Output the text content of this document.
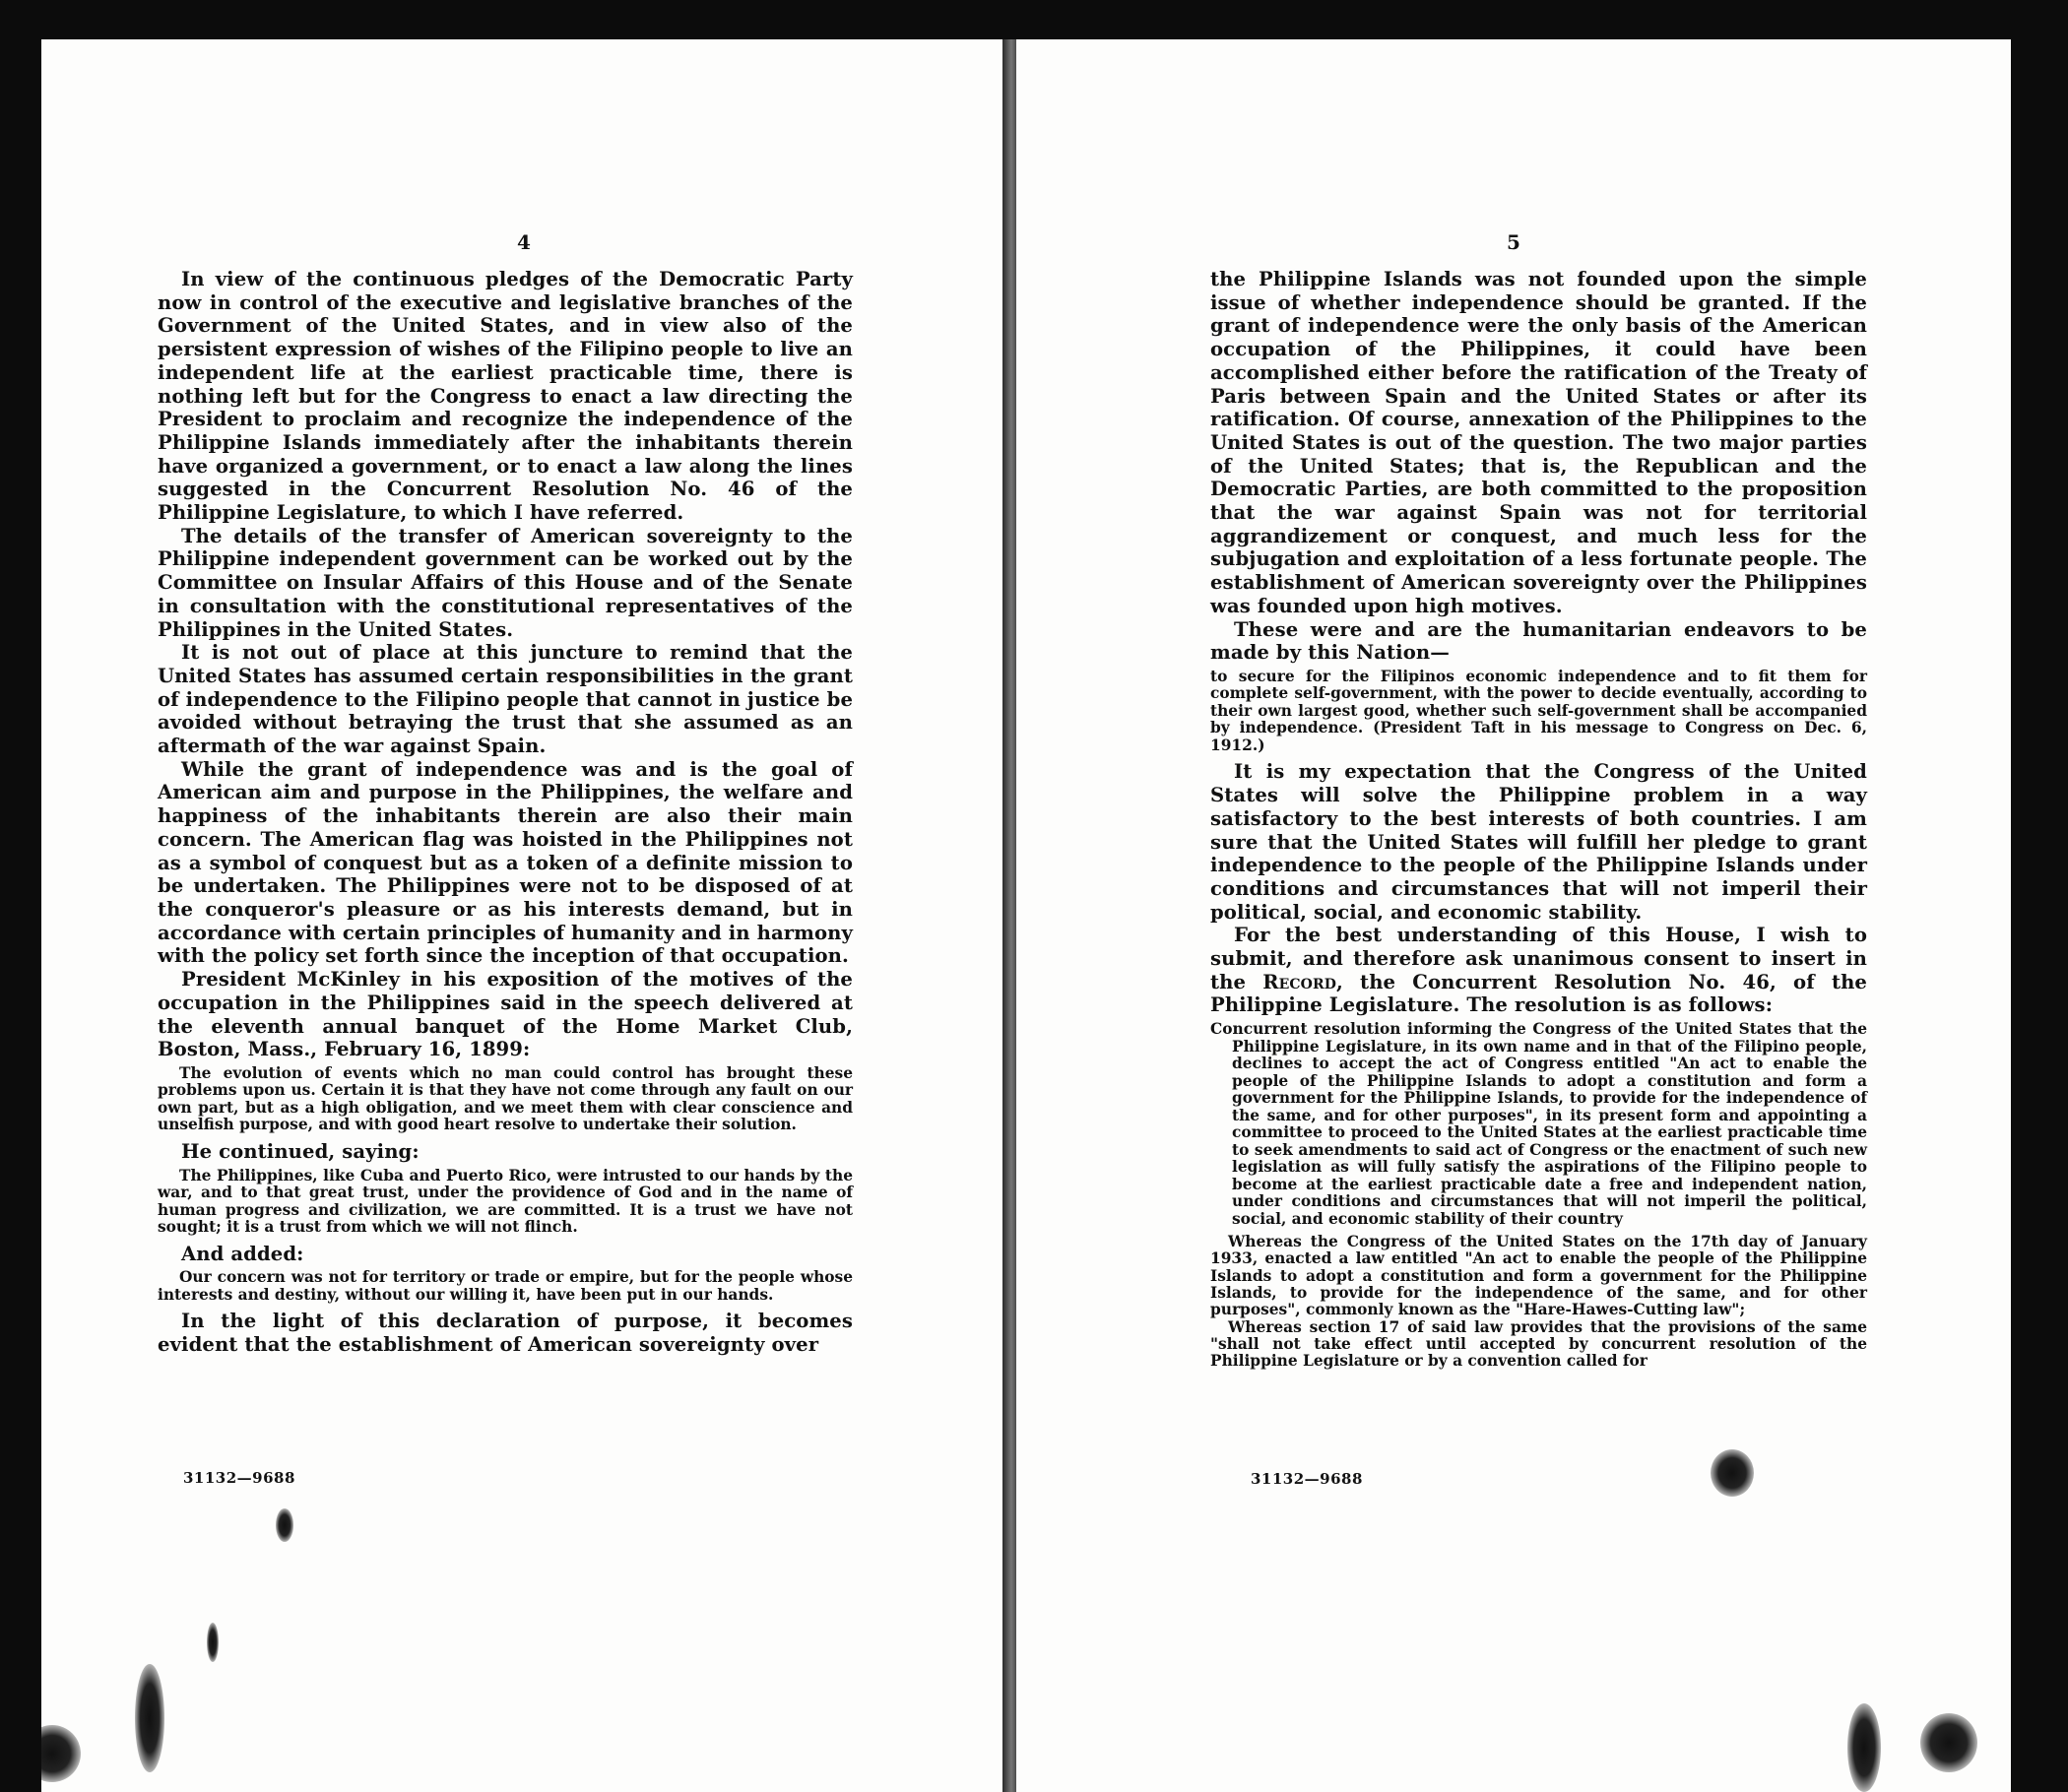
4

In view of the continuous pledges of the Democratic Party now in control of the executive and legislative branches of the Government of the United States, and in view also of the persistent expression of wishes of the Filipino people to live an independent life at the earliest practicable time, there is nothing left but for the Congress to enact a law directing the President to proclaim and recognize the independence of the Philippine Islands immediately after the inhabitants therein have organized a government, or to enact a law along the lines suggested in the Concurrent Resolution No. 46 of the Philippine Legislature, to which I have referred.

The details of the transfer of American sovereignty to the Philippine independent government can be worked out by the Committee on Insular Affairs of this House and of the Senate in consultation with the constitutional representatives of the Philippines in the United States.

It is not out of place at this juncture to remind that the United States has assumed certain responsibilities in the grant of independence to the Filipino people that cannot in justice be avoided without betraying the trust that she assumed as an aftermath of the war against Spain.

While the grant of independence was and is the goal of American aim and purpose in the Philippines, the welfare and happiness of the inhabitants therein are also their main concern. The American flag was hoisted in the Philippines not as a symbol of conquest but as a token of a definite mission to be undertaken. The Philippines were not to be disposed of at the conqueror's pleasure or as his interests demand, but in accordance with certain principles of humanity and in harmony with the policy set forth since the inception of that occupation.

President McKinley in his exposition of the motives of the occupation in the Philippines said in the speech delivered at the eleventh annual banquet of the Home Market Club, Boston, Mass., February 16, 1899:

The evolution of events which no man could control has brought these problems upon us. Certain it is that they have not come through any fault on our own part, but as a high obligation, and we meet them with clear conscience and unselfish purpose, and with good heart resolve to undertake their solution.

He continued, saying:

The Philippines, like Cuba and Puerto Rico, were intrusted to our hands by the war, and to that great trust, under the providence of God and in the name of human progress and civilization, we are committed. It is a trust we have not sought; it is a trust from which we will not flinch.

And added:

Our concern was not for territory or trade or empire, but for the people whose interests and destiny, without our willing it, have been put in our hands.

In the light of this declaration of purpose, it becomes evident that the establishment of American sovereignty over

31132—9688
5

the Philippine Islands was not founded upon the simple issue of whether independence should be granted. If the grant of independence were the only basis of the American occupation of the Philippines, it could have been accomplished either before the ratification of the Treaty of Paris between Spain and the United States or after its ratification. Of course, annexation of the Philippines to the United States is out of the question. The two major parties of the United States; that is, the Republican and the Democratic Parties, are both committed to the proposition that the war against Spain was not for territorial aggrandizement or conquest, and much less for the subjugation and exploitation of a less fortunate people. The establishment of American sovereignty over the Philippines was founded upon high motives.

These were and are the humanitarian endeavors to be made by this Nation—

to secure for the Filipinos economic independence and to fit them for complete self-government, with the power to decide eventually, according to their own largest good, whether such self-government shall be accompanied by independence. (President Taft in his message to Congress on Dec. 6, 1912.)

It is my expectation that the Congress of the United States will solve the Philippine problem in a way satisfactory to the best interests of both countries. I am sure that the United States will fulfill her pledge to grant independence to the people of the Philippine Islands under conditions and circumstances that will not imperil their political, social, and economic stability.

For the best understanding of this House, I wish to submit, and therefore ask unanimous consent to insert in the Record, the Concurrent Resolution No. 46, of the Philippine Legislature. The resolution is as follows:

Concurrent resolution informing the Congress of the United States that the Philippine Legislature, in its own name and in that of the Filipino people, declines to accept the act of Congress entitled "An act to enable the people of the Philippine Islands to adopt a constitution and form a government for the Philippine Islands, to provide for the independence of the same, and for other purposes", in its present form and appointing a committee to proceed to the United States at the earliest practicable time to seek amendments to said act of Congress or the enactment of such new legislation as will fully satisfy the aspirations of the Filipino people to become at the earliest practicable date a free and independent nation, under conditions and circumstances that will not imperil the political, social, and economic stability of their country

Whereas the Congress of the United States on the 17th day of January 1933, enacted a law entitled "An act to enable the people of the Philippine Islands to adopt a constitution and form a government for the Philippine Islands, to provide for the independence of the same, and for other purposes", commonly known as the "Hare-Hawes-Cutting law";

Whereas section 17 of said law provides that the provisions of the same "shall not take effect until accepted by concurrent resolution of the Philippine Legislature or by a convention called for

31132—9688
